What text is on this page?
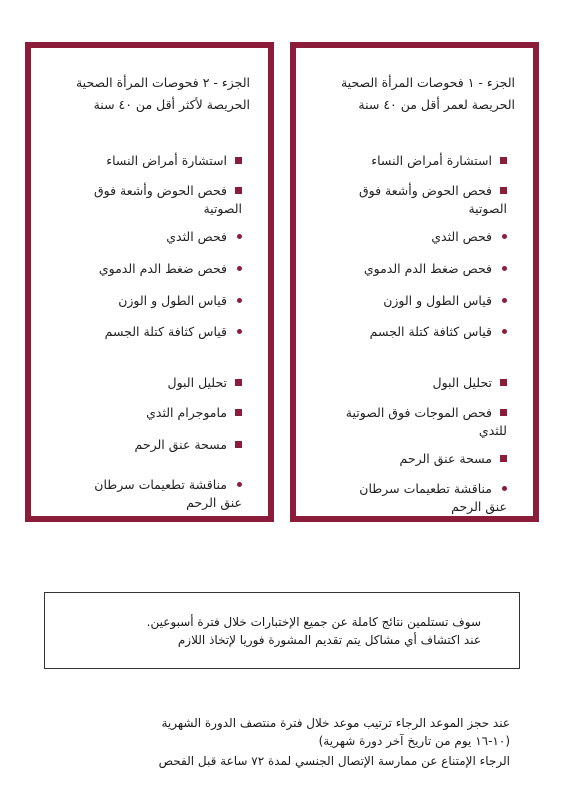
الجزء - ١ فحوصات المرأة الصحية
الحريصة لعمر أقل من ٤٠ سنة
استشارة أمراض النساء
فحص الحوض وأشعة فوق
الصوتية
فحص الثدي
فحص ضغط الدم الدموي
قياس الطول و الوزن
قياس كثافة كتلة الجسم
تحليل البول
فحص الموجات فوق الصوتية
للثدي
مسحة عنق الرحم
مناقشة تطعيمات سرطان
عنق الرحم
الجزء - ٢ فحوصات المرأة الصحية
الحريصة لأكثر أقل من ٤٠ سنة
استشارة أمراض النساء
فحص الحوض وأشعة فوق
الصوتية
فحص الثدي
فحص ضغط الدم الدموي
قياس الطول و الوزن
قياس كثافة كتلة الجسم
تحليل البول
ماموجرام الثدي
مسحة عنق الرحم
مناقشة تطعيمات سرطان
عنق الرحم
سوف تستلمين نتائج كاملة عن جميع الإختبارات خلال فترة أسبوعين.
عند اكتشاف أي مشاكل يتم تقديم المشورة فوريا لإتخاذ اللازم
عند حجز الموعد الرجاء ترتيب موعد خلال فترة منتصف الدورة الشهرية
(١٠-١٦ يوم من تاريخ آخر دورة شهرية)
الرجاء الإمتناع عن ممارسة الإتصال الجنسي لمدة ٧٢ ساعة قبل الفحص
